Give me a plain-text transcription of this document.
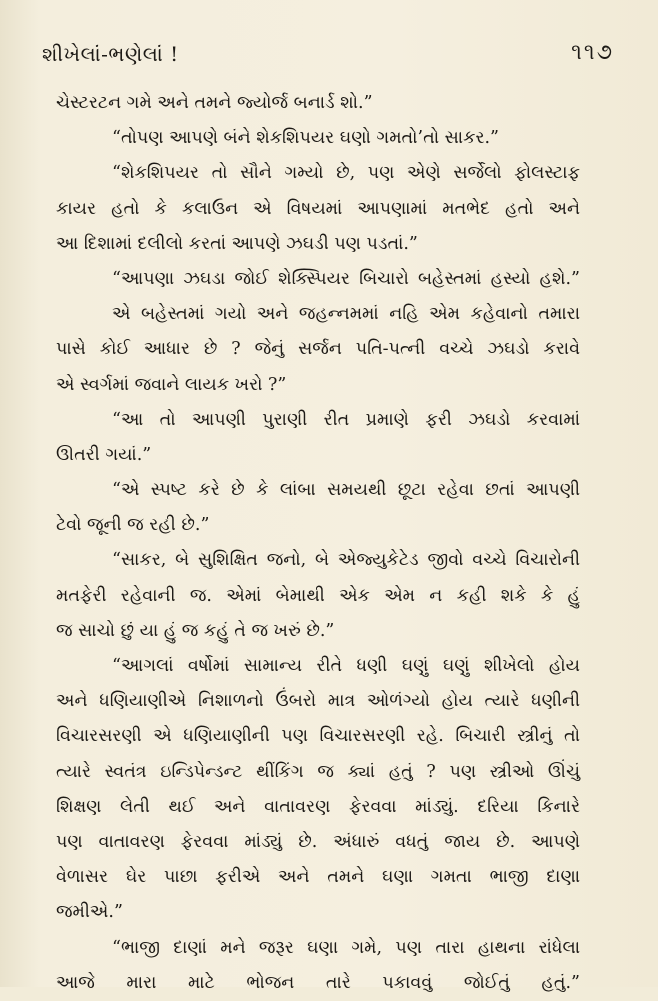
શીખેલાં-ભણેલાં !	૧૧૭
ચેસ્ટરટન ગમે અને તમને જ્યોર્જ બનાર્ડ શો.”
“તોપણ આપણે બંને શેકશિપયર ઘણો ગમતો’તો સાકર.”
“શેકશિપયર તો સૌને ગમ્યો છે, પણ એણે સર્જેલો ફોલસ્ટાફ
કાયર હતો કે કલાઉન એ વિષયમાં આપણામાં મતભેદ હતો અને
આ દિશામાં દલીલો કરતાં આપણે ઝઘડી પણ પડતાં.”
“આપણા ઝઘડા જોઈ શેક્સ્પિયર બિચારો બહેસ્તમાં હસ્યો હશે.”
એ બહેસ્તમાં ગયો અને જહન્નમમાં નહિ એમ કહેવાનો તમારા
પાસે કોઈ આધાર છે ? જેનું સર્જન પતિ-પત્ની વચ્ચે ઝઘડો કરાવે
એ સ્વર્ગમાં જવાને લાયક ખરો ?”
“આ તો આપણી પુરાણી રીત પ્રમાણે ફરી ઝઘડો કરવામાં
ઊતરી ગયાં.”
“એ સ્પષ્ટ કરે છે કે લાંબા સમયથી છૂટા રહેવા છતાં આપણી
ટેવો જૂની જ રહી છે.”
“સાકર, બે સુશિક્ષિત જનો, બે એજ્યુકેટેડ જીવો વચ્ચે વિચારોની
મતફેરી રહેવાની જ. એમાં બેમાથી એક એમ ન કહી શકે કે હું
જ સાચો છું યા હું જ કહું તે જ ખરું છે.”
“આગલાં વર્ષોમાં સામાન્ય રીતે ધણી ઘણું ઘણું શીખેલો હોય
અને ધણિયાણીએ નિશાળનો ઉંબરો માત્ર ઓળંગ્યો હોય ત્યારે ધણીની
વિચારસરણી એ ધણિયાણીની પણ વિચારસરણી રહે. બિચારી સ્ત્રીનું તો
ત્યારે સ્વતંત્ર ઇન્ડિપેન્ડન્ટ થીંકિંગ જ ક્યાં હતું ? પણ સ્ત્રીઓ ઊંચું
શિક્ષણ લેતી થઈ અને વાતાવરણ ફેરવવા માંડ્યું. દરિયા કિનારે
પણ વાતાવરણ ફેરવવા માંડ્યું છે. અંધારું વધતું જાય છે. આપણે
વેળાસર ઘેર પાછા ફરીએ અને તમને ઘણા ગમતા ભાજી દાણા
જમીએ.”
“ભાજી દાણાં મને જરૂર ઘણા ગમે, પણ તારા હાથના રાંધેલા
આજે મારા માટે ભોજન તારે પકાવવું જોઈતું હતું.”
